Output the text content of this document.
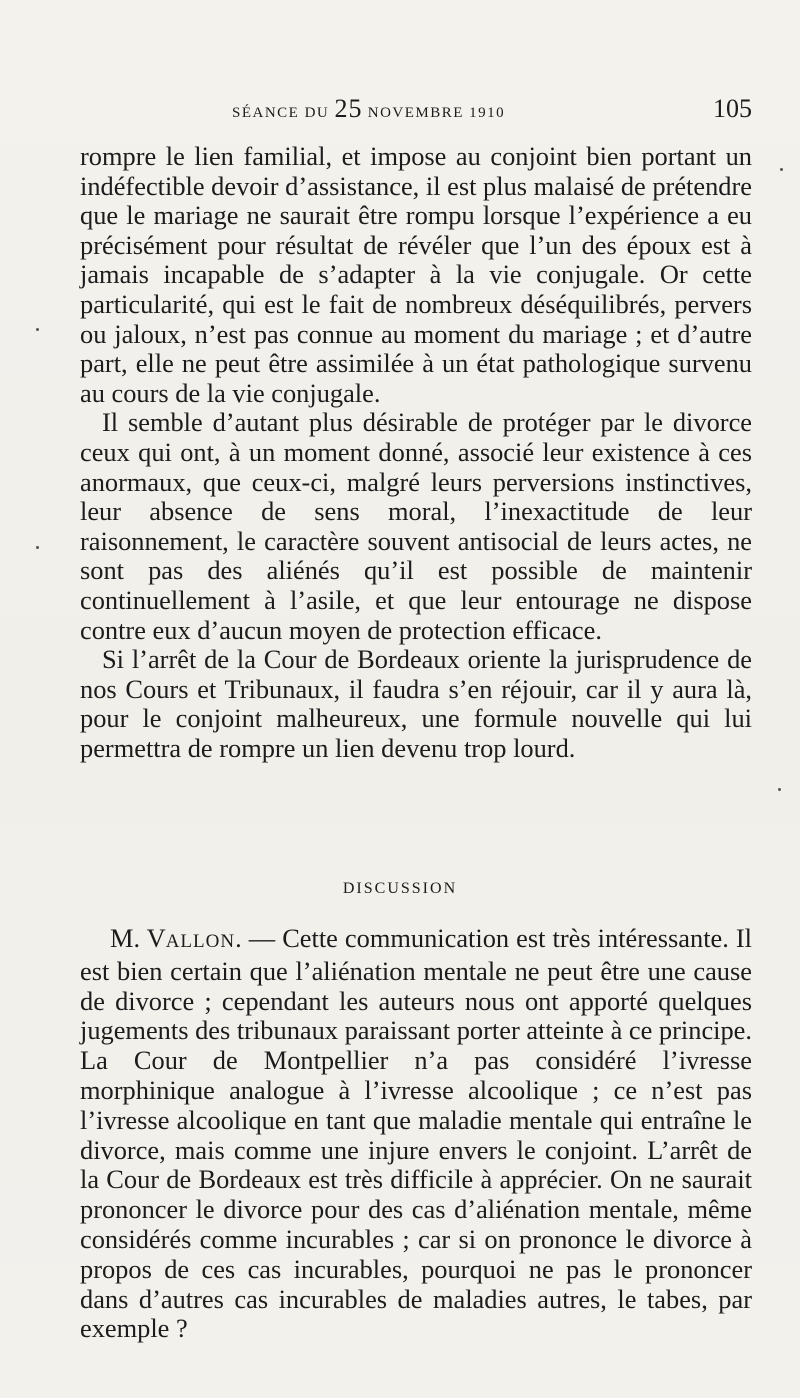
SÉANCE DU 25 NOVEMBRE 1910	105

rompre le lien familial, et impose au conjoint bien portant un indéfectible devoir d’assistance, il est plus malaisé de prétendre que le mariage ne saurait être rompu lorsque l’expérience a eu précisément pour résultat de révéler que l’un des époux est à jamais incapable de s’adapter à la vie conjugale. Or cette particularité, qui est le fait de nombreux déséquilibrés, pervers ou jaloux, n’est pas connue au moment du mariage ; et d’autre part, elle ne peut être assimilée à un état pathologique survenu au cours de la vie conjugale.

Il semble d’autant plus désirable de protéger par le divorce ceux qui ont, à un moment donné, associé leur existence à ces anormaux, que ceux-ci, malgré leurs perversions instinctives, leur absence de sens moral, l’inexactitude de leur raisonnement, le caractère souvent antisocial de leurs actes, ne sont pas des aliénés qu’il est possible de maintenir continuellement à l’asile, et que leur entourage ne dispose contre eux d’aucun moyen de protection efficace.

Si l’arrêt de la Cour de Bordeaux oriente la jurisprudence de nos Cours et Tribunaux, il faudra s’en réjouir, car il y aura là, pour le conjoint malheureux, une formule nouvelle qui lui permettra de rompre un lien devenu trop lourd.

DISCUSSION

M. VALLON. — Cette communication est très intéressante. Il est bien certain que l’aliénation mentale ne peut être une cause de divorce ; cependant les auteurs nous ont apporté quelques jugements des tribunaux paraissant porter atteinte à ce principe. La Cour de Montpellier n’a pas considéré l’ivresse morphinique analogue à l’ivresse alcoolique ; ce n’est pas l’ivresse alcoolique en tant que maladie mentale qui entraîne le divorce, mais comme une injure envers le conjoint. L’arrêt de la Cour de Bordeaux est très difficile à apprécier. On ne saurait prononcer le divorce pour des cas d’aliénation mentale, même considérés comme incurables ; car si on prononce le divorce à propos de ces cas incurables, pourquoi ne pas le prononcer dans d’autres cas incurables de maladies autres, le tabes, par exemple ?
